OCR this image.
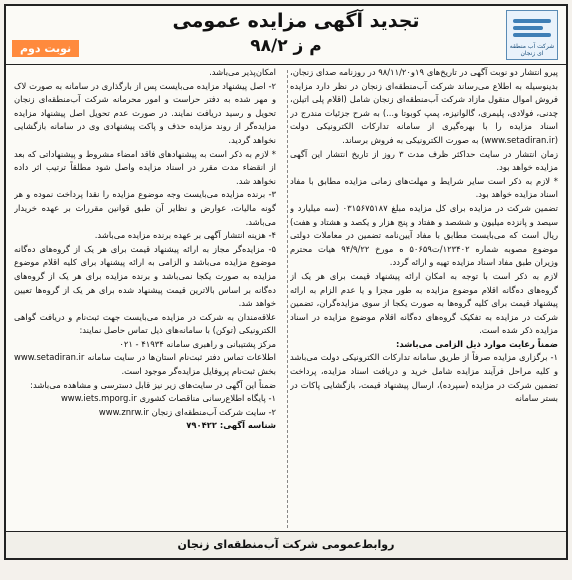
شرکت آب منطقه ای زنجان
تجدید آگهی مزایده عمومی
م ز ۹۸/۲
نوبت دوم

پیرو انتشار دو نوبت آگهی در تاریخ‌های ۱۹و۹۸/۱۱/۲۰ در روزنامه صدای زنجان، بدینوسیله به اطلاع می‌رساند شرکت آب‌منطقه‌ای زنجان در نظر دارد مزایده فروش اموال منقول مازاد شرکت آب‌منطقه‌ای زنجان شامل (اقلام پلی اتیلن، چدنی، فولادی، پلیمری، گالوانیزه، پمپ کوبوتا و...) به شرح جزئیات مندرج در اسناد مزایده را با بهره‌گیری از سامانه تدارکات الکترونیکی دولت (www.setadiran.ir) به صورت الکترونیکی به فروش برساند.

زمان انتشار در سایت حداکثر ظرف مدت ۳ روز از تاریخ انتشار این آگهی مزایده خواهد بود.

* لازم به ذکر است سایر شرایط و مهلت‌های زمانی مزایده مطابق با مفاد اسناد مزایده خواهد بود.

تضمین شرکت در مزایده برای کل مزایده مبلغ ۰۳۱۵۶۷۵۱۸۷ (سه میلیارد و سیصد و پانزده میلیون و ششصد و هفتاد و پنج هزار و یکصد و هشتاد و هفت) ریال است که می‌بایست مطابق با مفاد آیین‌نامه تضمین در معاملات دولتی موضوع مصوبه شماره ۱۲۳۴۰۲/ت۵۰۶۵۹ ه مورخ ۹۴/۹/۲۲ هیات محترم وزیران طبق مفاد اسناد مزایده تهیه و ارائه گردد.

لازم به ذکر است با توجه به امکان ارائه پیشنهاد قیمت برای هر یک از گروه‌های ده‌گانه اقلام موضوع مزایده به طور مجزا و یا عدم الزام به ارائه پیشنهاد قیمت برای کلیه گروه‌ها به صورت یکجا از سوی مزایده‌گران، تضمین شرکت در مزایده به تفکیک گروه‌های ده‌گانه اقلام موضوع مزایده در اسناد مزایده ذکر شده است.

ضمناً رعایت موارد ذیل الزامی می‌باشد:

۱- برگزاری مزایده صرفاً از طریق سامانه تدارکات الکترونیکی دولت می‌باشد و کلیه مراحل فرآیند مزایده شامل خرید و دریافت اسناد مزایده، پرداخت تضمین شرکت در مزایده (سپرده)، ارسال پیشنهاد قیمت، بازگشایی پاکات در بستر سامانه

امکان‌پذیر می‌باشد.

۲- اصل پیشنهاد مزایده می‌بایست پس از بارگذاری در سامانه به صورت لاک و مهر شده به دفتر حراست و امور محرمانه شرکت آب‌منطقه‌ای زنجان تحویل و رسید دریافت نمایند. در صورت عدم تحویل اصل پیشنهاد مزایده مزایده‌گر از روند مزایده حذف و پاکت پیشنهادی وی در سامانه بازگشایی نخواهد گردید.

* لازم به ذکر است به پیشنهادهای فاقد امضاء مشروط و پیشنهاداتی که بعد از انقضاء مدت مقرر در اسناد مزایده واصل شود مطلقاً ترتیب اثر داده نخواهد شد.

۳- برنده مزایده می‌بایست وجه موضوع مزایده را نقدا پرداخت نموده و هر گونه مالیات، عوارض و نظایر آن طبق قوانین مقررات بر عهده خریدار می‌باشد.

۴- هزینه انتشار آگهی بر عهده برنده مزایده می‌باشد.

۵- مزایده‌گر مجاز به ارائه پیشنهاد قیمت برای هر یک از گروه‌های ده‌گانه موضوع مزایده می‌باشد و الزامی به ارائه پیشنهاد برای کلیه اقلام موضوع مزایده به صورت یکجا نمی‌باشد و برنده مزایده برای هر یک از گروه‌های ده‌گانه بر اساس بالاترین قیمت پیشنهاد شده برای هر یک از گروه‌ها تعیین خواهد شد.

علاقه‌مندان به شرکت در مزایده می‌بایست جهت ثبت‌نام و دریافت گواهی الکترونیکی (توکن) با سامانه‌های ذیل تماس حاصل نمایند:

مرکز پشتیبانی و راهبری سامانه ۴۱۹۳۴ - ۰۲۱

اطلاعات تماس دفتر ثبت‌نام استان‌ها در سایت سامانه www.setadiran.ir بخش ثبت‌نام پروفایل مزایده‌گر موجود است.

ضمناً این آگهی در سایت‌های زیر نیز قابل دسترسی و مشاهده می‌باشد:

۱- پایگاه اطلاع‌رسانی مناقصات کشوری www.iets.mporg.ir

۲- سایت شرکت آب‌منطقه‌ای زنجان www.znrw.ir

شناسه آگهی: ۷۹۰۴۲۲

روابط‌عمومی شرکت آب‌منطقه‌ای زنجان
